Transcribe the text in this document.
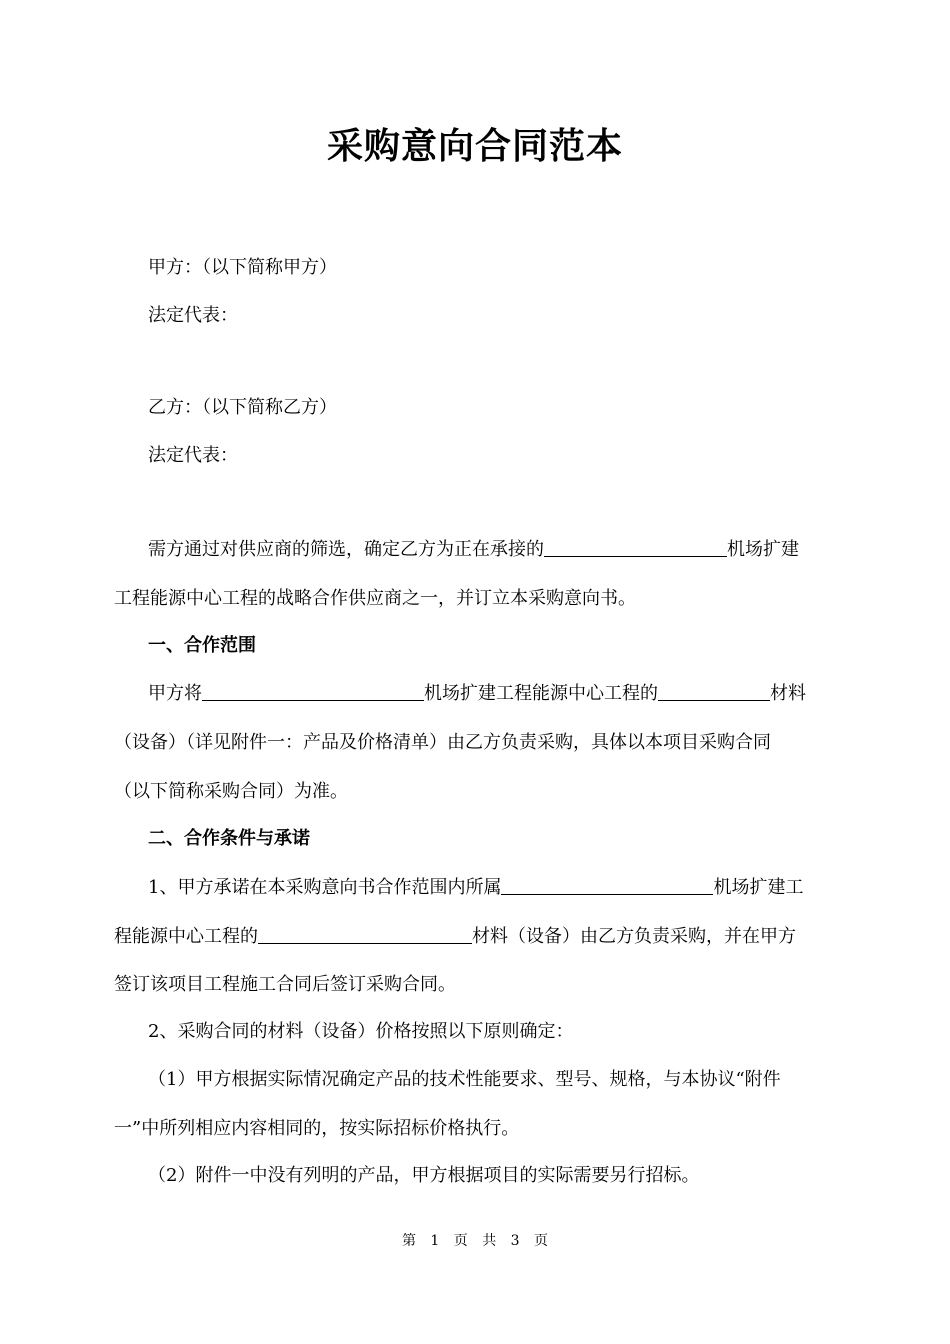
采购意向合同范本
甲方：（以下简称甲方）
法定代表：
乙方：（以下简称乙方）
法定代表：
需方通过对供应商的筛选，确定乙方为正在承接的	机场扩建
工程能源中心工程的战略合作供应商之一，并订立本采购意向书。
一、合作范围
甲方将	机场扩建工程能源中心工程的	材料
（设备）（详见附件一：产品及价格清单）由乙方负责采购，具体以本项目采购合同
（以下简称采购合同）为准。
二、合作条件与承诺
1、甲方承诺在本采购意向书合作范围内所属	机场扩建工
程能源中心工程的	材料（设备）由乙方负责采购，并在甲方
签订该项目工程施工合同后签订采购合同。
2、采购合同的材料（设备）价格按照以下原则确定：
（1）甲方根据实际情况确定产品的技术性能要求、型号、规格，与本协议“附件
一”中所列相应内容相同的，按实际招标价格执行。
（2）附件一中没有列明的产品，甲方根据项目的实际需要另行招标。
第 1 页 共 3 页
